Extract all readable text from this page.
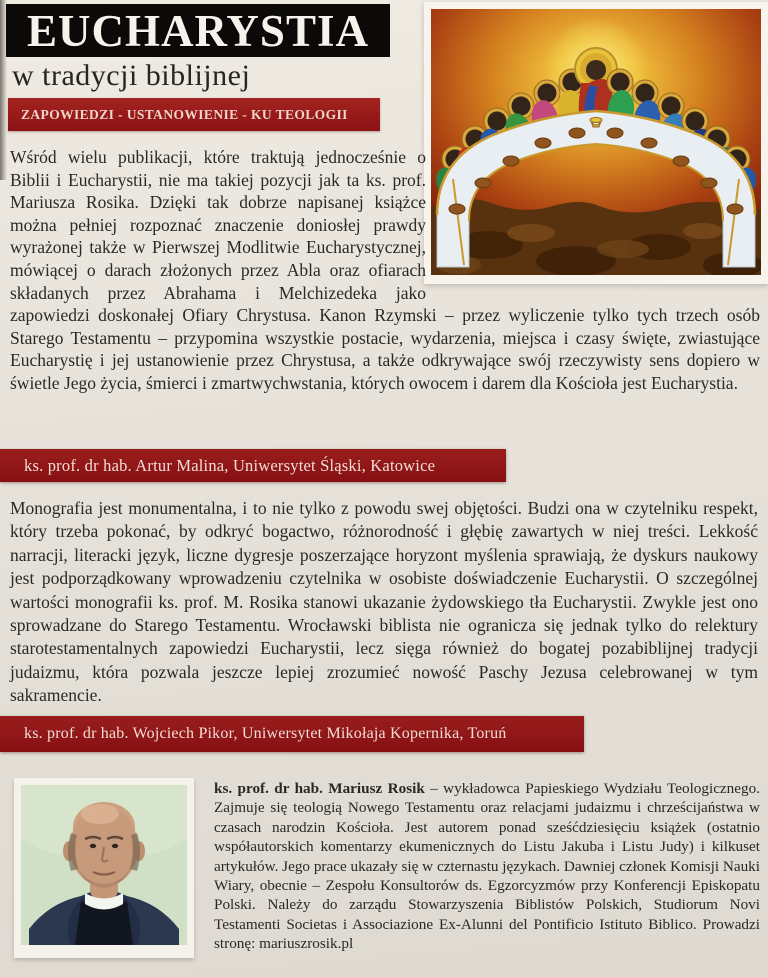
EUCHARYSTIA
w tradycji biblijnej
ZAPOWIEDZI - USTANOWIENIE - KU TEOLOGII
Wśród wielu publikacji, które traktują jednocześnie o Biblii i Eucharystii, nie ma takiej pozycji jak ta ks. prof. Mariusza Rosika. Dzięki tak dobrze napisanej książce można pełniej rozpoznać znaczenie doniosłej prawdy wyrażonej także w Pierwszej Modlitwie Eucharystycznej, mówiącej o darach złożonych przez Abla oraz ofiarach składanych przez Abrahama i Melchizedeka jako zapowiedzi doskonałej Ofiary Chrystusa. Kanon Rzymski – przez wyliczenie tylko tych trzech osób Starego Testamentu – przypomina wszystkie postacie, wydarzenia, miejsca i czasy święte, zwiastujące Eucharystię i jej ustanowienie przez Chrystusa, a także odkrywające swój rzeczywisty sens dopiero w świetle Jego życia, śmierci i zmartwychwstania, których owocem i darem dla Kościoła jest Eucharystia.
ks. prof. dr hab. Artur Malina, Uniwersytet Śląski, Katowice
Monografia jest monumentalna, i to nie tylko z powodu swej objętości. Budzi ona w czytelniku respekt, który trzeba pokonać, by odkryć bogactwo, różnorodność i głębię zawartych w niej treści. Lekkość narracji, literacki język, liczne dygresje poszerzające horyzont myślenia sprawiają, że dyskurs naukowy jest podporządkowany wprowadzeniu czytelnika w osobiste doświadczenie Eucharystii. O szczególnej wartości monografii ks. prof. M. Rosika stanowi ukazanie żydowskiego tła Eucharystii. Zwykle jest ono sprowadzane do Starego Testamentu. Wrocławski biblista nie ogranicza się jednak tylko do relektury starotestamentalnych zapowiedzi Eucharystii, lecz sięga również do bogatej pozabiblijnej tradycji judaizmu, która pozwala jeszcze lepiej zrozumieć nowość Paschy Jezusa celebrowanej w tym sakramencie.
ks. prof. dr hab. Wojciech Pikor, Uniwersytet Mikołaja Kopernika, Toruń
ks. prof. dr hab. Mariusz Rosik – wykładowca Papieskiego Wydziału Teologicznego. Zajmuje się teologią Nowego Testamentu oraz relacjami judaizmu i chrześcijaństwa w czasach narodzin Kościoła. Jest autorem ponad sześćdziesięciu książek (ostatnio współautorskich komentarzy ekumenicznych do Listu Jakuba i Listu Judy) i kilkuset artykułów. Jego prace ukazały się w czternastu językach. Dawniej członek Komisji Nauki Wiary, obecnie – Zespołu Konsultorów ds. Egzorcyzmów przy Konferencji Episkopatu Polski. Należy do zarządu Stowarzyszenia Biblistów Polskich, Studiorum Novi Testamenti Societas i Associazione Ex-Alunni del Pontificio Istituto Biblico. Prowadzi stronę: mariuszrosik.pl
